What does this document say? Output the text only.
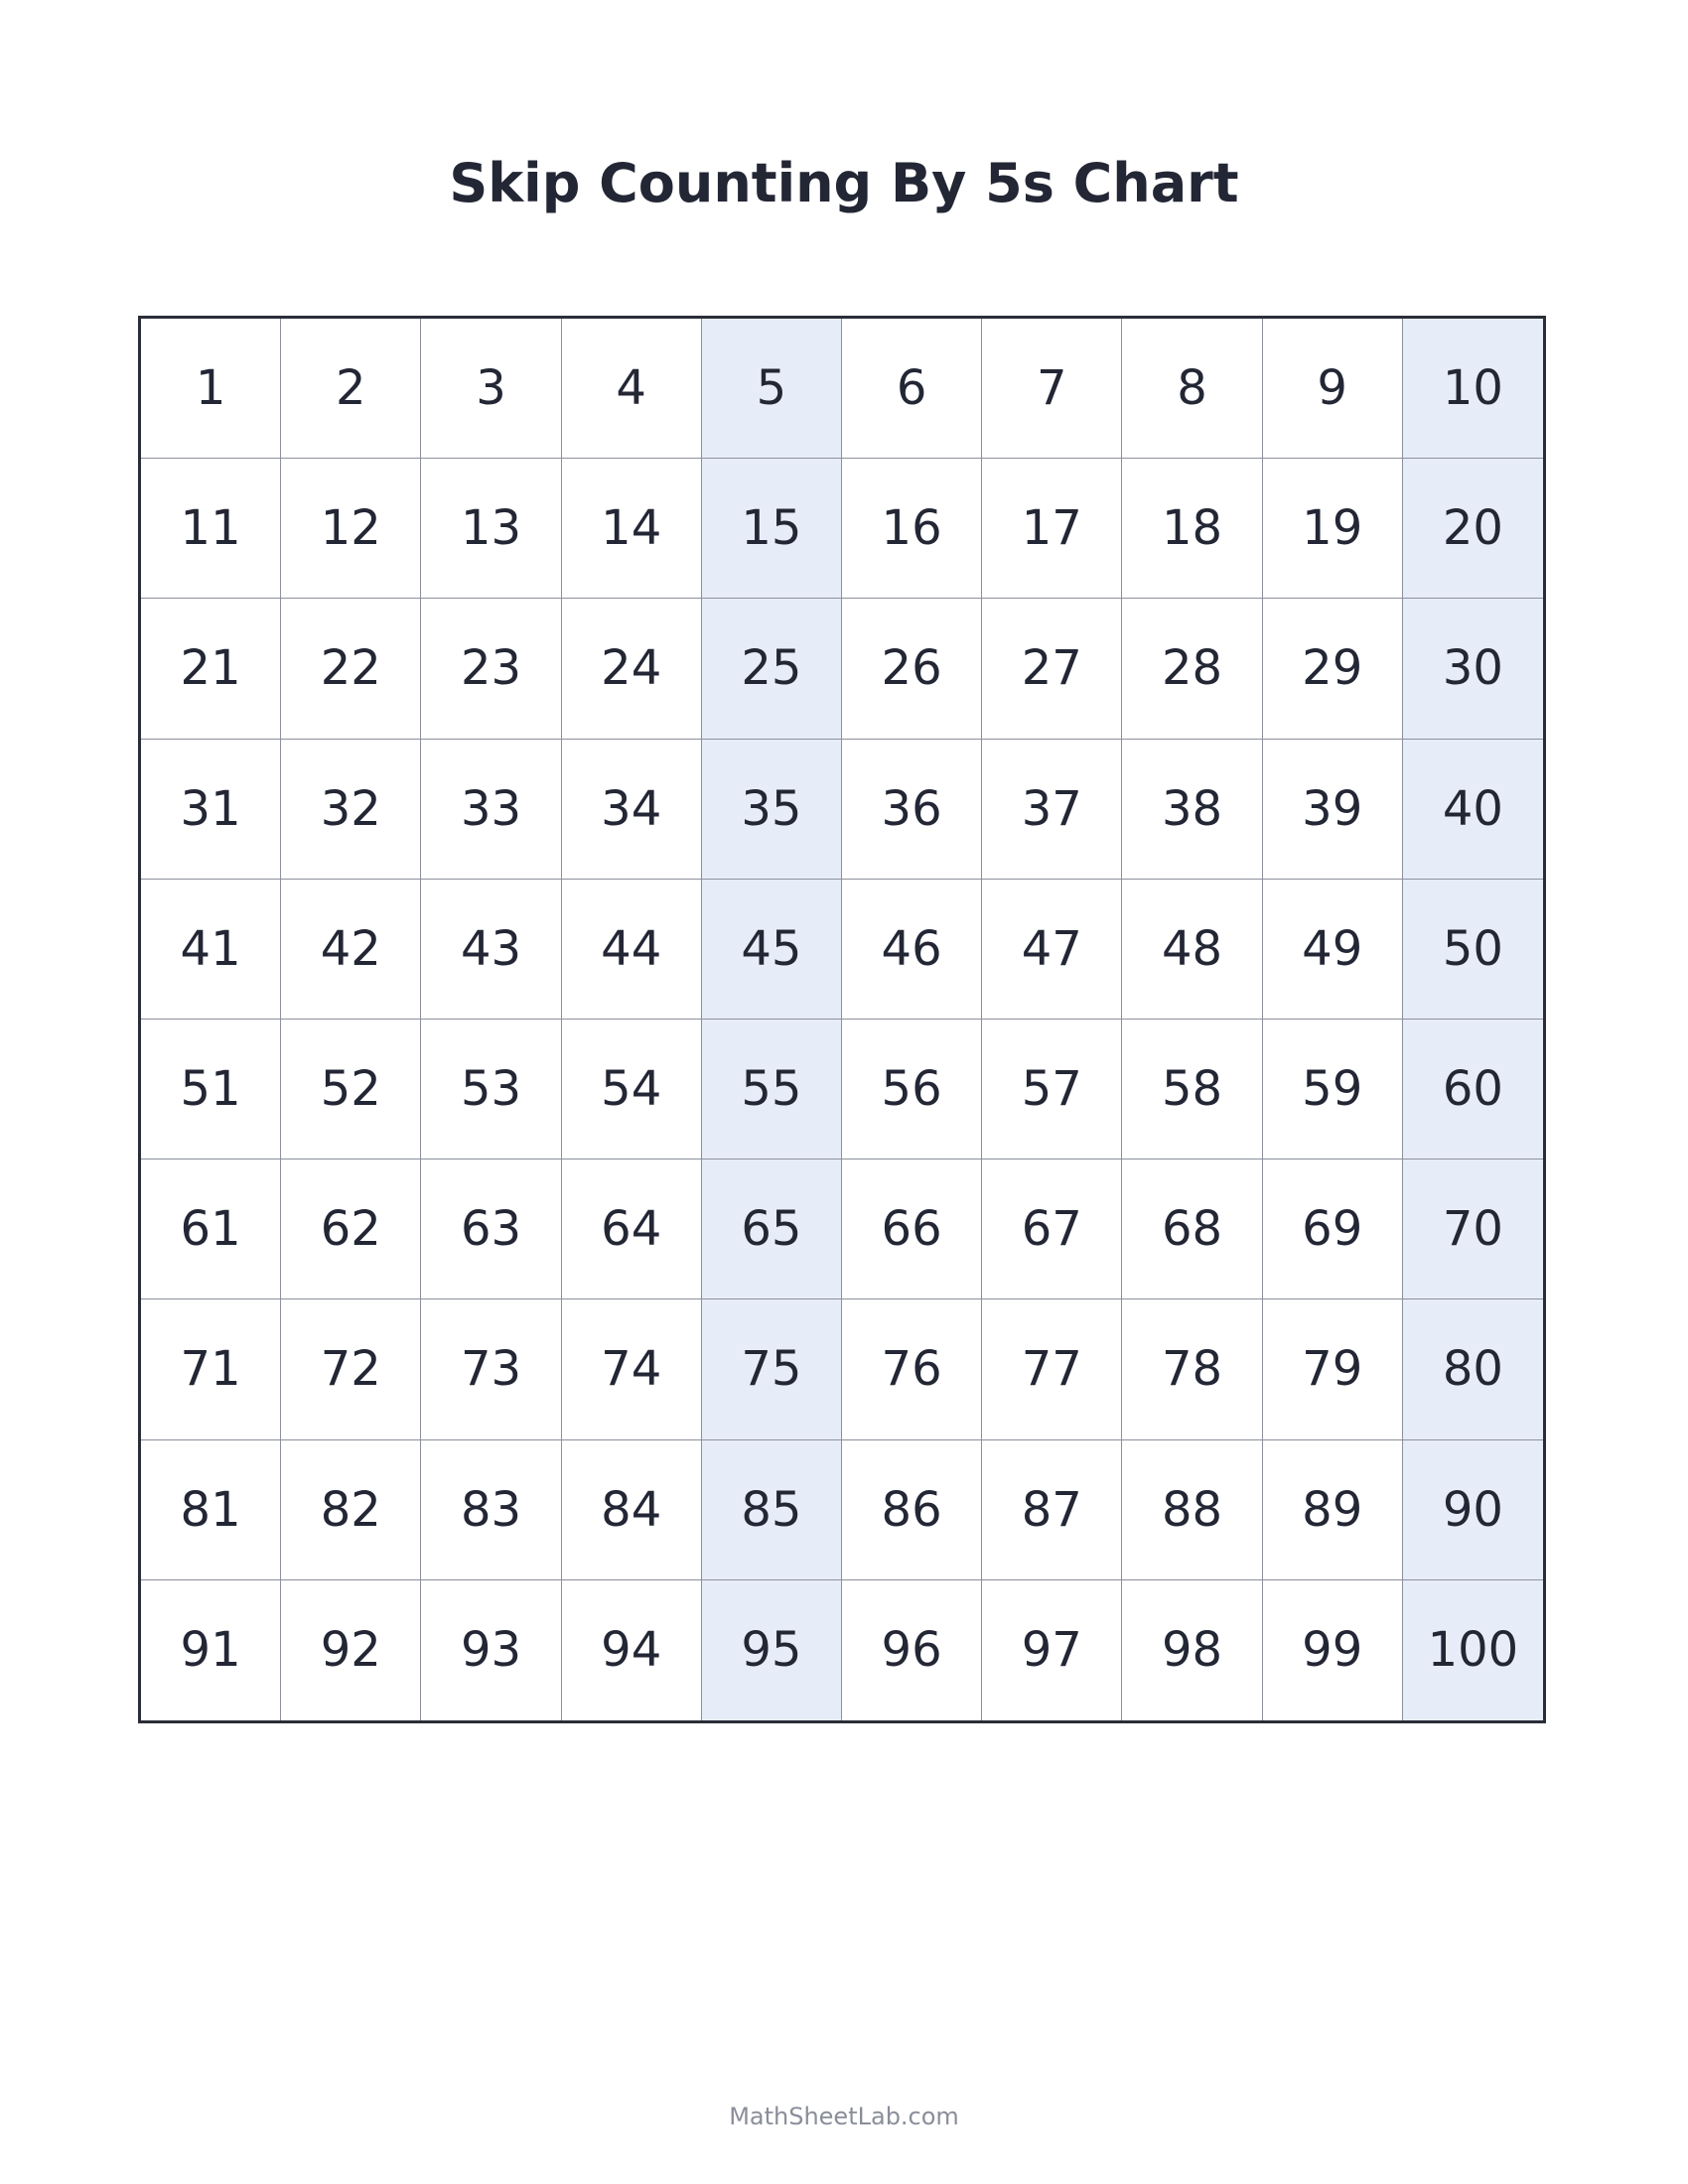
Skip Counting By 5s Chart
1	2	3	4	5	6	7	8	9	10
11	12	13	14	15	16	17	18	19	20
21	22	23	24	25	26	27	28	29	30
31	32	33	34	35	36	37	38	39	40
41	42	43	44	45	46	47	48	49	50
51	52	53	54	55	56	57	58	59	60
61	62	63	64	65	66	67	68	69	70
71	72	73	74	75	76	77	78	79	80
81	82	83	84	85	86	87	88	89	90
91	92	93	94	95	96	97	98	99	100
MathSheetLab.com
